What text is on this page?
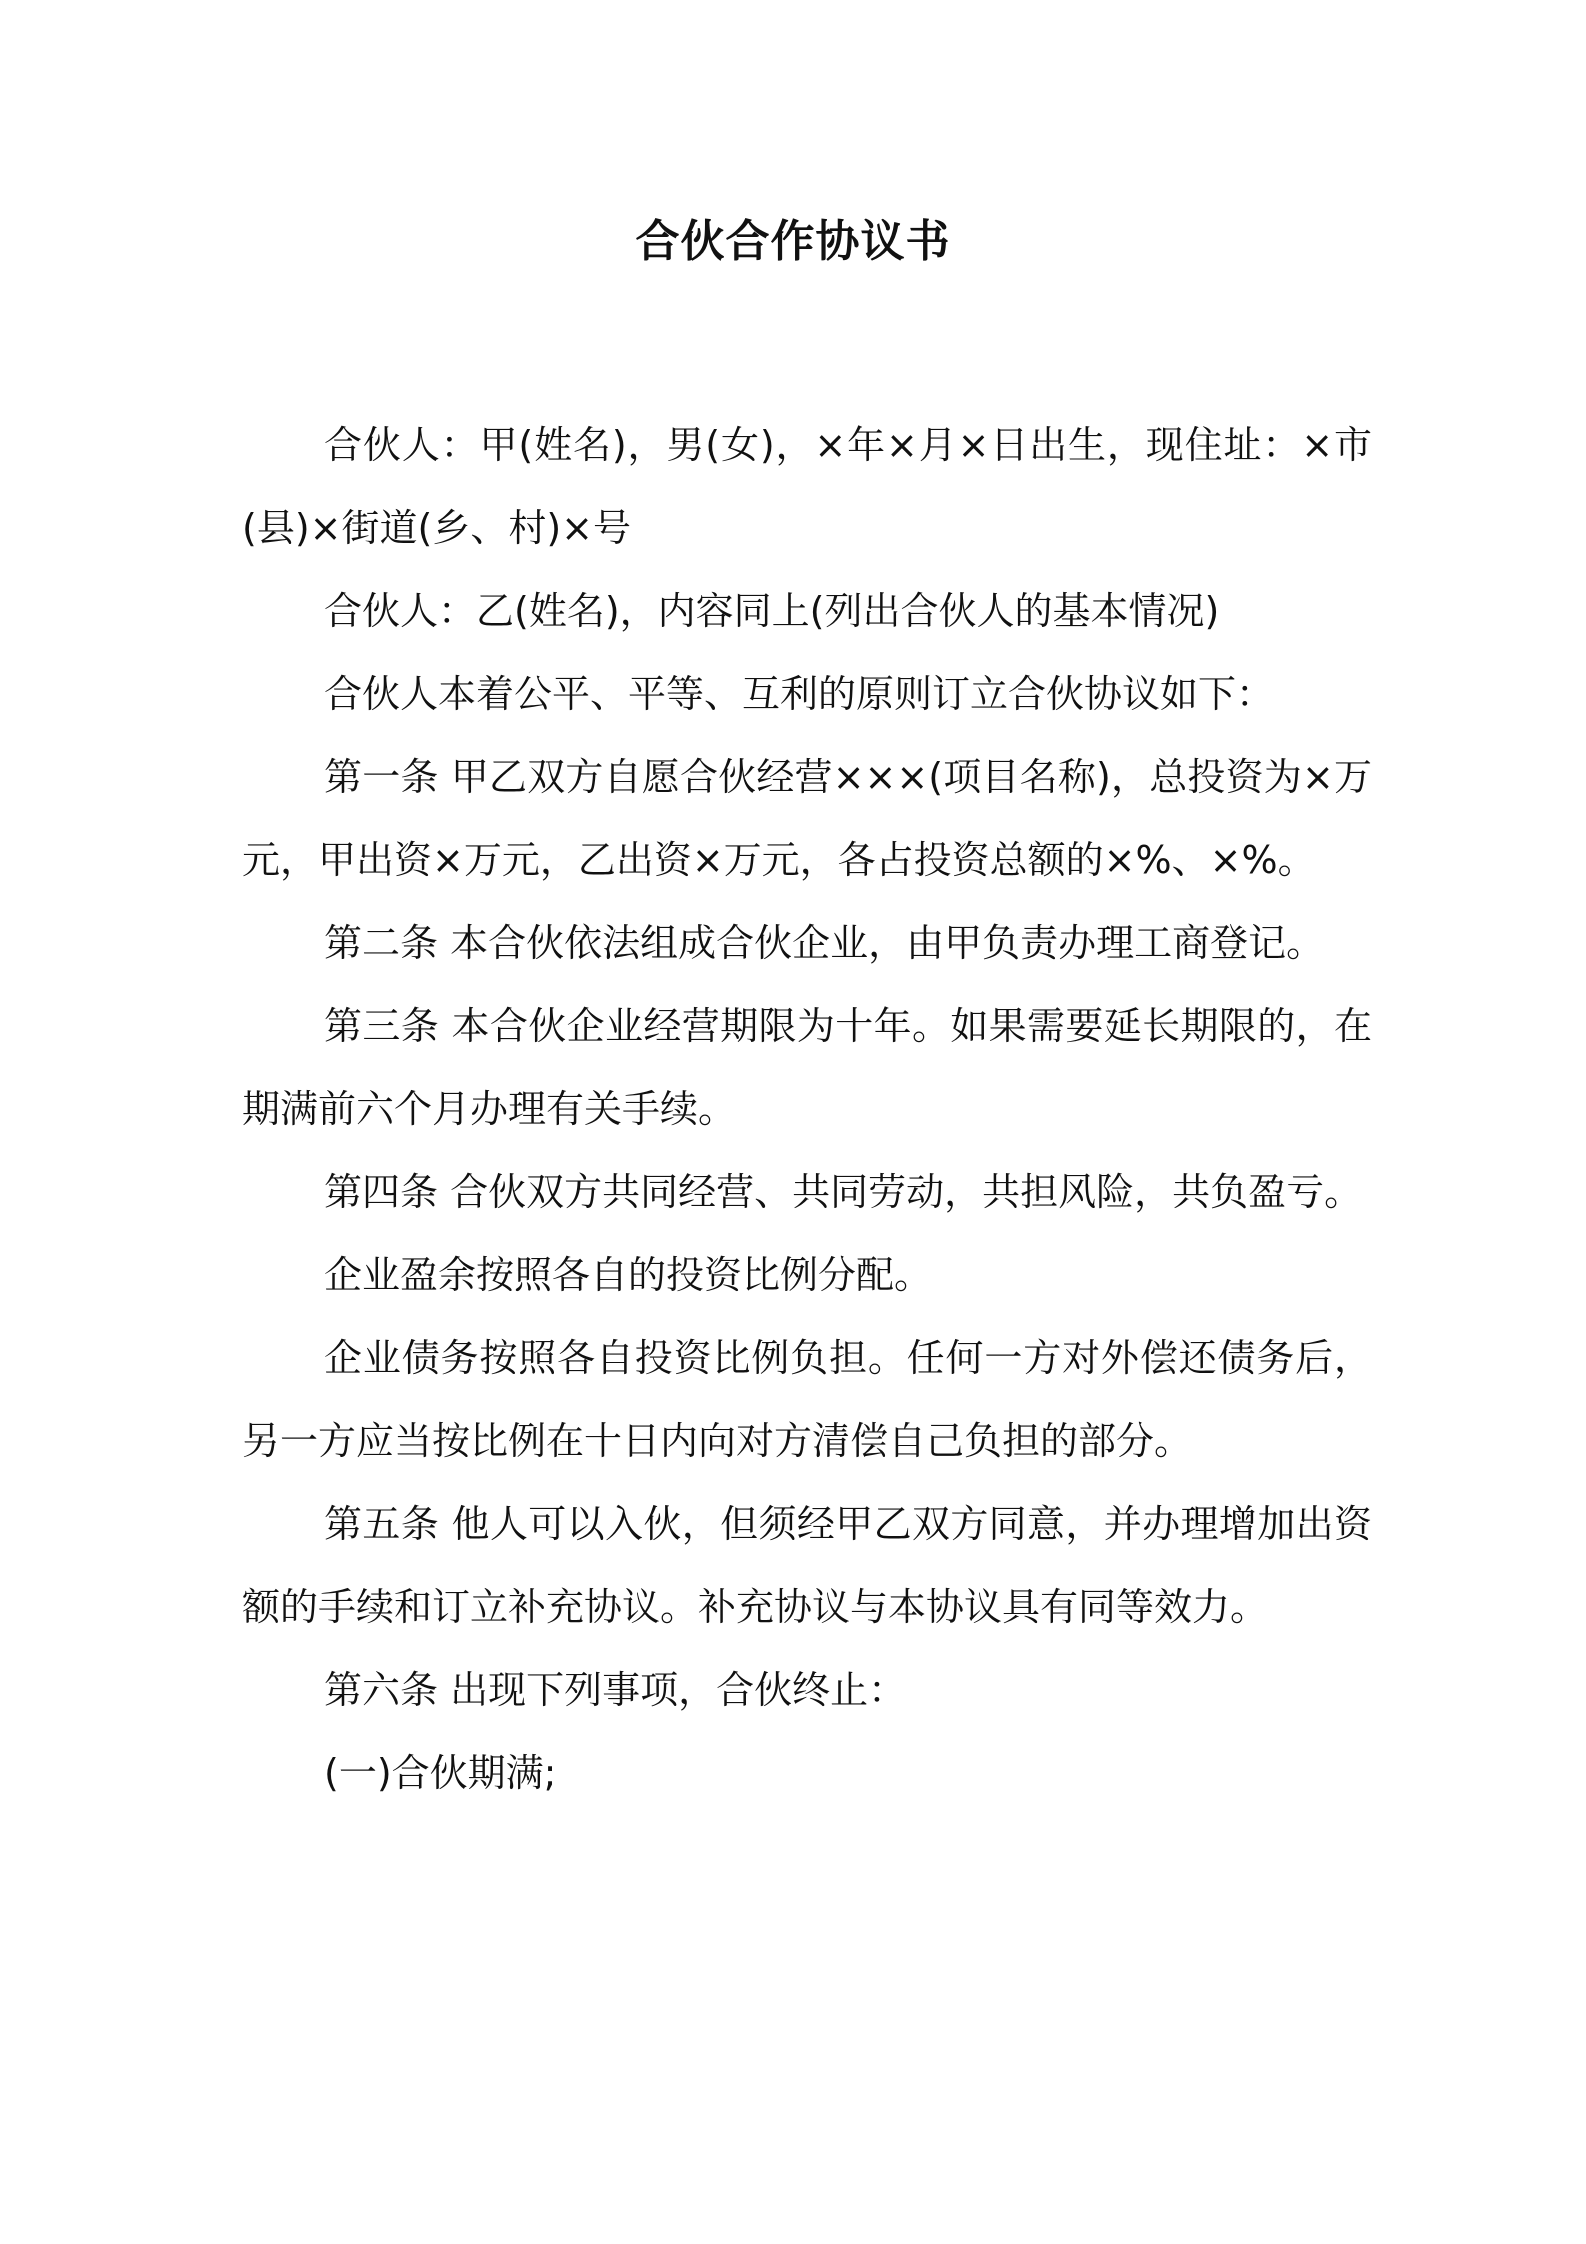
合伙合作协议书

合伙人：甲(姓名)，男(女)，×年×月×日出生，现住址：×市(县)×街道(乡、村)×号

合伙人：乙(姓名)，内容同上(列出合伙人的基本情况)

合伙人本着公平、平等、互利的原则订立合伙协议如下：

第一条 甲乙双方自愿合伙经营×××(项目名称)，总投资为×万元，甲出资×万元，乙出资×万元，各占投资总额的×%、×%。

第二条 本合伙依法组成合伙企业，由甲负责办理工商登记。

第三条 本合伙企业经营期限为十年。如果需要延长期限的，在期满前六个月办理有关手续。

第四条 合伙双方共同经营、共同劳动，共担风险，共负盈亏。

企业盈余按照各自的投资比例分配。

企业债务按照各自投资比例负担。任何一方对外偿还债务后，另一方应当按比例在十日内向对方清偿自己负担的部分。

第五条 他人可以入伙，但须经甲乙双方同意，并办理增加出资额的手续和订立补充协议。补充协议与本协议具有同等效力。

第六条 出现下列事项，合伙终止：

(一)合伙期满;
